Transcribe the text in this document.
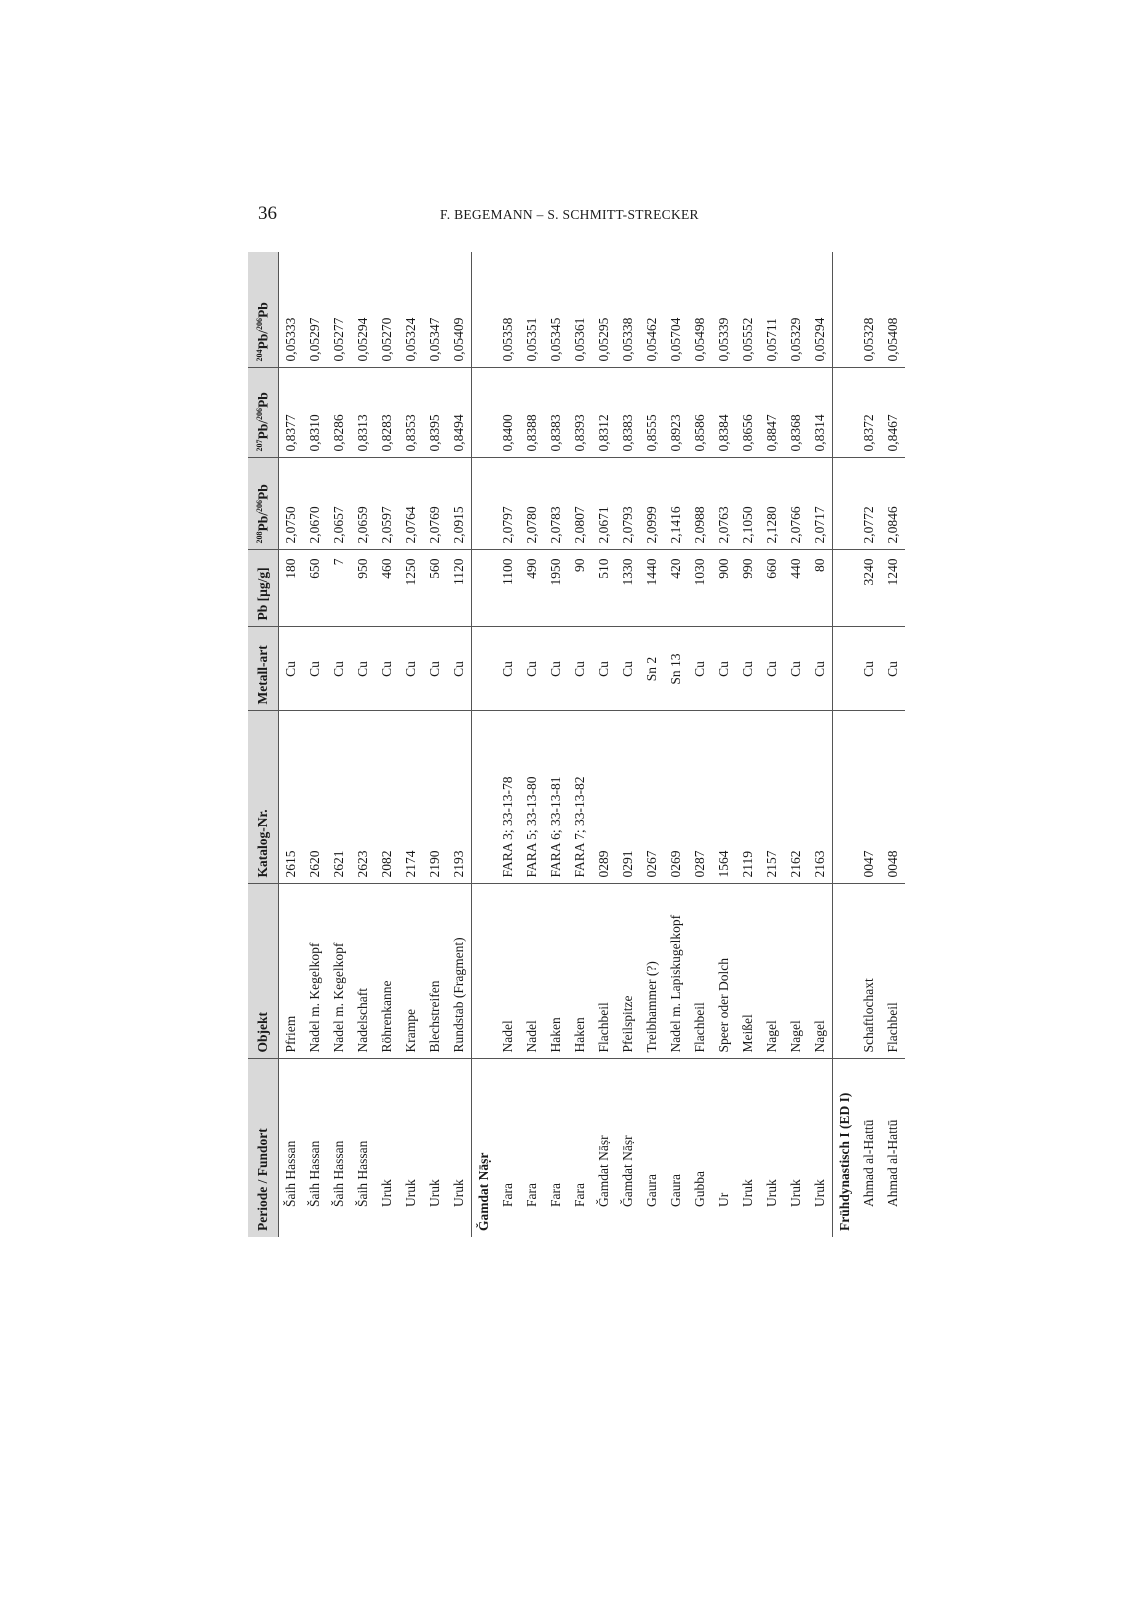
36	F. BEGEMANN – S. SCHMITT-STRECKER
Periode / Fundort	Objekt	Katalog-Nr.	Metall-art	Pb [µg/g]	$^{208}$Pb/$^{206}$Pb	$^{207}$Pb/$^{206}$Pb	$^{204}$Pb/$^{206}$Pb
Šaih Hassan	Pfriem	2615	Cu	180	2,0750	0,8377	0,05333
Šaih Hassan	Nadel m. Kegelkopf	2620	Cu	650	2,0670	0,8310	0,05297
Šaih Hassan	Nadel m. Kegelkopf	2621	Cu	7	2,0657	0,8286	0,05277
Šaih Hassan	Nadelschaft	2623	Cu	950	2,0659	0,8313	0,05294
Uruk	Röhrenkanne	2082	Cu	460	2,0597	0,8283	0,05270
Uruk	Krampe	2174	Cu	1250	2,0764	0,8353	0,05324
Uruk	Blechstreifen	2190	Cu	560	2,0769	0,8395	0,05347
Uruk	Rundstab (Fragment)	2193	Cu	1120	2,0915	0,8494	0,05409
Ǧamdat Nāṣr							
Fara	Nadel	FARA 3; 33-13-78	Cu	1100	2,0797	0,8400	0,05358
Fara	Nadel	FARA 5; 33-13-80	Cu	490	2,0780	0,8388	0,05351
Fara	Haken	FARA 6; 33-13-81	Cu	1950	2,0783	0,8383	0,05345
Fara	Haken	FARA 7; 33-13-82	Cu	90	2,0807	0,8393	0,05361
Ǧamdat Nāṣr	Flachbeil	0289	Cu	510	2,0671	0,8312	0,05295
Ǧamdat Nāṣr	Pfeilspitze	0291	Cu	1330	2,0793	0,8383	0,05338
Gaura	Treibhammer (?)	0267	Sn 2	1440	2,0999	0,8555	0,05462
Gaura	Nadel m. Lapiskugelkopf	0269	Sn 13	420	2,1416	0,8923	0,05704
Gubba	Flachbeil	0287	Cu	1030	2,0988	0,8586	0,05498
Ur	Speer oder Dolch	1564	Cu	900	2,0763	0,8384	0,05339
Uruk	Meißel	2119	Cu	990	2,1050	0,8656	0,05552
Uruk	Nagel	2157	Cu	660	2,1280	0,8847	0,05711
Uruk	Nagel	2162	Cu	440	2,0766	0,8368	0,05329
Uruk	Nagel	2163	Cu	80	2,0717	0,8314	0,05294
Frühdynastisch I (ED I)							
Ahmad al-Hattū	Schaftlochaxt	0047	Cu	3240	2,0772	0,8372	0,05328
Ahmad al-Hattū	Flachbeil	0048	Cu	1240	2,0846	0,8467	0,05408
